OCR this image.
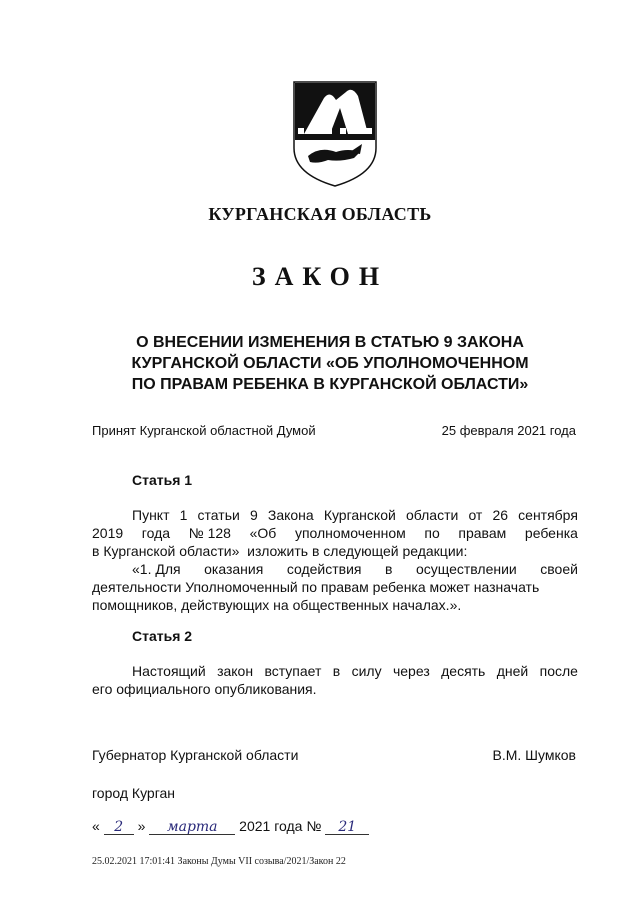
КУРГАНСКАЯ ОБЛАСТЬ
ЗАКОН
О ВНЕСЕНИИ ИЗМЕНЕНИЯ В СТАТЬЮ 9 ЗАКОНА
КУРГАНСКОЙ ОБЛАСТИ «ОБ УПОЛНОМОЧЕННОМ
ПО ПРАВАМ РЕБЕНКА В КУРГАНСКОЙ ОБЛАСТИ»
Принят Курганской областной Думой	25 февраля 2021 года
Статья 1
Пункт 1 статьи 9 Закона Курганской области от 26 сентября
2019 года № 128 «Об уполномоченном по правам ребенка
в Курганской области»  изложить в следующей редакции:
«1. Для оказания содействия в осуществлении своей
деятельности Уполномоченный по правам ребенка может назначать
помощников, действующих на общественных началах.».
Статья 2
Настоящий закон вступает в силу через десять дней после
его официального опубликования.
Губернатор Курганской области	В.М. Шумков
город Курган
« 2 » марта 2021 года № 21
25.02.2021 17:01:41 Законы Думы VII созыва/2021/Закон 22
